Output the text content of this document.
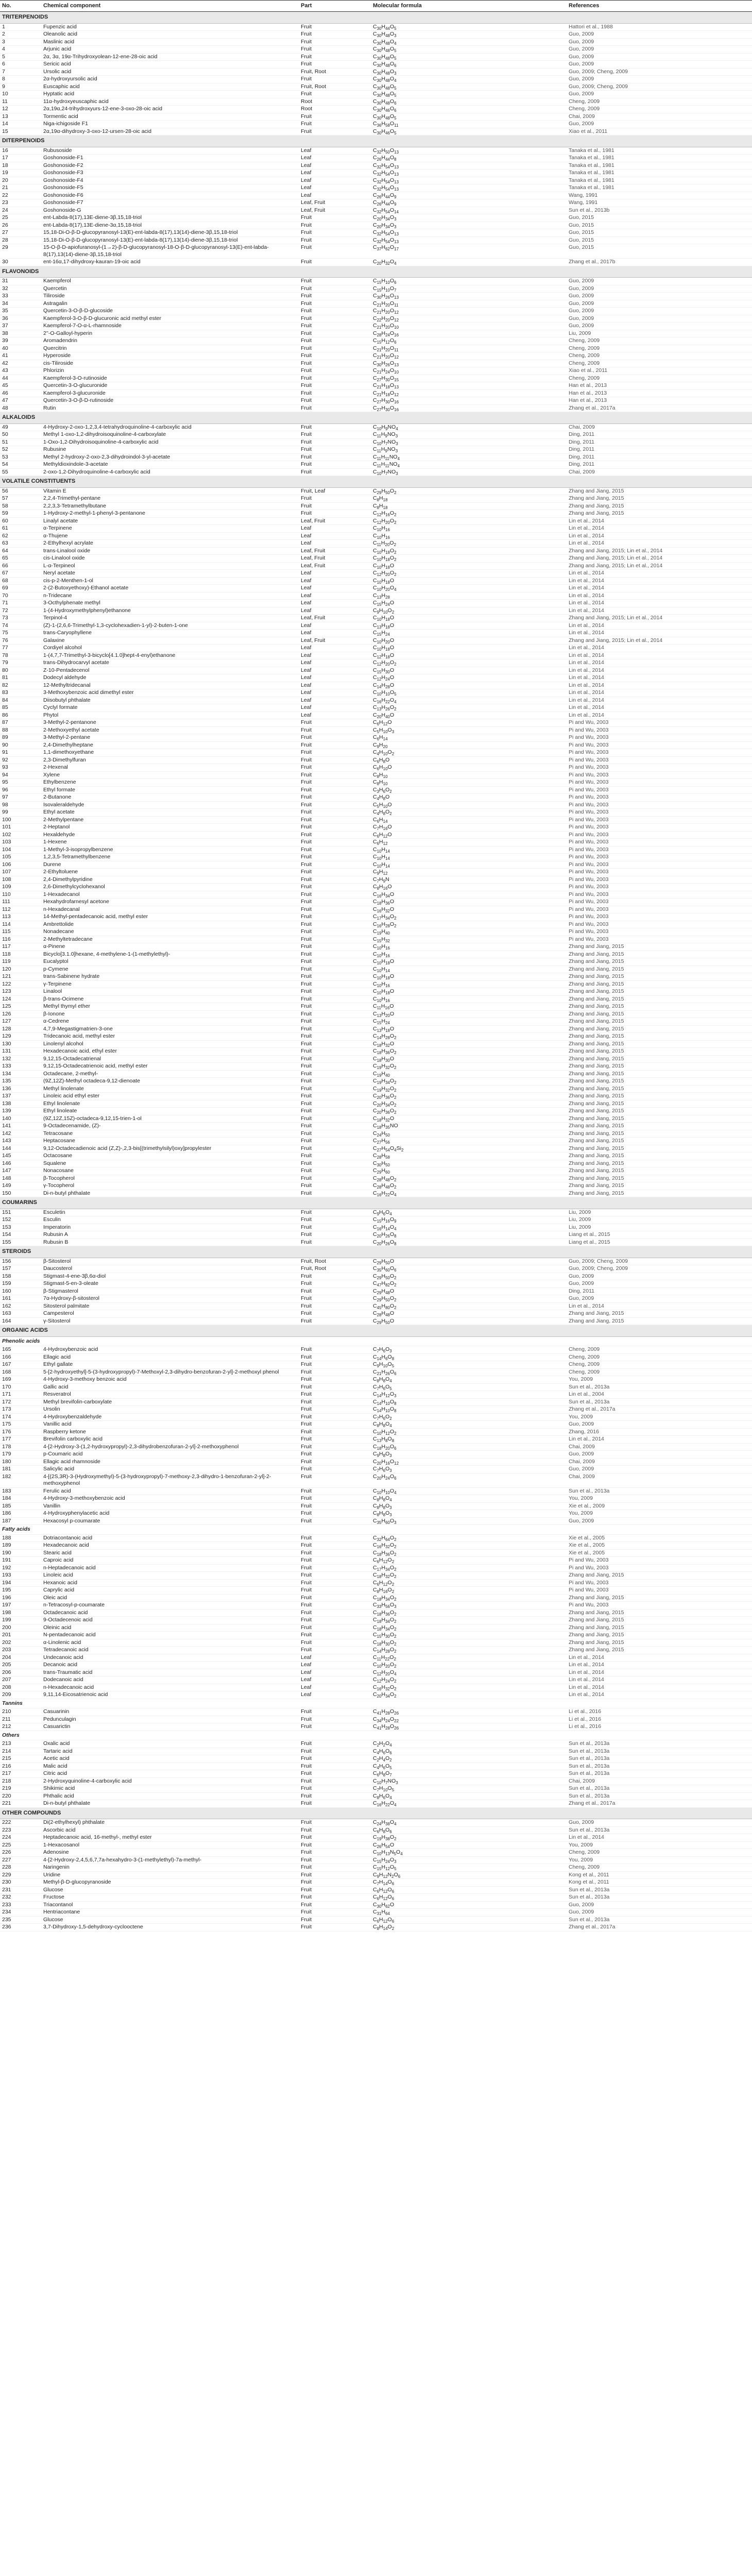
No.	Chemical component	Part	Molecular formula	References
TRITERPENOIDS				
1	Fupenzic acid	Fruit	$C_{30}H_{44}O_5$	Hattori et al., 1988
2	Oleanolic acid	Fruit	$C_{30}H_{48}O_3$	Guo, 2009
3	Maslinic acid	Fruit	$C_{30}H_{48}O_4$	Guo, 2009
4	Arjunic acid	Fruit	$C_{30}H_{48}O_5$	Guo, 2009
5	2α, 3α, 19α-Trihydroxyolean-12-ene-28-oic acid	Fruit	$C_{30}H_{48}O_5$	Guo, 2009
6	Sericic acid	Fruit	$C_{30}H_{48}O_6$	Guo, 2009
7	Ursolic acid	Fruit, Root	$C_{30}H_{48}O_3$	Guo, 2009; Cheng, 2009
8	2α-hydroxyursolic acid	Fruit	$C_{30}H_{48}O_4$	Guo, 2009
9	Euscaphic acid	Fruit, Root	$C_{30}H_{48}O_5$	Guo, 2009; Cheng, 2009
10	Hyptatic acid	Fruit	$C_{30}H_{48}O_5$	Guo, 2009
11	11α-hydroxyeuscaphic acid	Root	$C_{30}H_{48}O_6$	Cheng, 2009
12	2α,19α,24-trihydroxyurs-12-ene-3-oxo-28-oic acid	Root	$C_{30}H_{46}O_6$	Cheng, 2009
13	Tormentic acid	Fruit	$C_{30}H_{48}O_5$	Chai, 2009
14	Niga-ichigoside F1	Fruit	$C_{36}H_{58}O_{11}$	Guo, 2009
15	2α,19α-dihydroxy-3-oxo-12-ursen-28-oic acid	Fruit	$C_{30}H_{46}O_5$	Xiao et al., 2011
DITERPENOIDS				
16	Rubusoside	Leaf	$C_{32}H_{50}O_{13}$	Tanaka et al., 1981
17	Goshonoside-F1	Leaf	$C_{26}H_{44}O_8$	Tanaka et al., 1981
18	Goshonoside-F2	Leaf	$C_{32}H_{54}O_{13}$	Tanaka et al., 1981
19	Goshonoside-F3	Leaf	$C_{32}H_{54}O_{13}$	Tanaka et al., 1981
20	Goshonoside-F4	Leaf	$C_{32}H_{54}O_{13}$	Tanaka et al., 1981
21	Goshonoside-F5	Leaf	$C_{32}H_{54}O_{13}$	Tanaka et al., 1981
22	Goshonoside-F6	Leaf	$C_{26}H_{44}O_9$	Wang, 1991
23	Goshonoside-F7	Leaf, Fruit	$C_{26}H_{44}O_9$	Wang, 1991
24	Goshonoside-G	Leaf, Fruit	$C_{32}H_{54}O_{14}$	Sun et al., 2013b
25	ent-Labda-8(17),13E-diene-3β,15,18-triol	Fruit	$C_{20}H_{34}O_3$	Guo, 2015
26	ent-Labda-8(17),13E-diene-3α,15,18-triol	Fruit	$C_{20}H_{34}O_3$	Guo, 2015
27	15,18-Di-O-β-D-glucopyranosyl-13(E)-ent-labda-8(17),13(14)-diene-3β,15,18-triol	Fruit	$C_{32}H_{54}O_{13}$	Guo, 2015
28	15,18-Di-O-β-D-glucopyranosyl-13(E)-ent-labda-8(17),13(14)-diene-3β,15,18-triol	Fruit	$C_{32}H_{54}O_{13}$	Guo, 2015
29	15-O-β-D-apiofuranosyl-(1→2)-β-D-glucopyranosyl-18-O-β-D-glucopyranosyl-13(E)-ent-labda-8(17),13(14)-diene-3β,15,18-triol	Fruit	$C_{37}H_{62}O_{17}$	Guo, 2015
30	ent-16α,17-dihydroxy-kauran-19-oic acid	Fruit	$C_{20}H_{32}O_4$	Zhang et al., 2017b
FLAVONOIDS				
31	Kaempferol	Fruit	$C_{15}H_{10}O_6$	Guo, 2009
32	Quercetin	Fruit	$C_{15}H_{10}O_7$	Guo, 2009
33	Tiliroside	Fruit	$C_{30}H_{26}O_{13}$	Guo, 2009
34	Astragalin	Fruit	$C_{21}H_{20}O_{11}$	Guo, 2009
35	Quercetin-3-O-β-D-glucoside	Fruit	$C_{21}H_{20}O_{12}$	Guo, 2009
36	Kaempferol-3-O-β-D-glucuronic acid methyl ester	Fruit	$C_{22}H_{20}O_{12}$	Guo, 2009
37	Kaempferol-7-O-α-L-rhamnoside	Fruit	$C_{21}H_{20}O_{10}$	Guo, 2009
38	2''-O-Galloyl-hyperin	Fruit	$C_{28}H_{24}O_{16}$	Liu, 2009
39	Aromadendrin	Fruit	$C_{15}H_{12}O_6$	Cheng, 2009
40	Quercitrin	Fruit	$C_{21}H_{20}O_{11}$	Cheng, 2009
41	Hyperoside	Fruit	$C_{21}H_{20}O_{12}$	Cheng, 2009
42	cis-Tiliroside	Fruit	$C_{30}H_{26}O_{13}$	Cheng, 2009
43	Phlorizin	Fruit	$C_{21}H_{24}O_{10}$	Xiao et al., 2011
44	Kaempferol-3-O-rutinoside	Fruit	$C_{27}H_{30}O_{15}$	Cheng, 2009
45	Quercetin-3-O-glucuronide	Fruit	$C_{21}H_{18}O_{13}$	Han et al., 2013
46	Kaempferol-3-glucuronide	Fruit	$C_{21}H_{18}O_{12}$	Han et al., 2013
47	Quercetin-3-O-β-D-rutinoside	Fruit	$C_{27}H_{30}O_{16}$	Han et al., 2013
48	Rutin	Fruit	$C_{27}H_{30}O_{16}$	Zhang et al., 2017a
ALKALOIDS				
49	4-Hydroxy-2-oxo-1,2,3,4-tetrahydroquinoline-4-carboxylic acid	Fruit	$C_{10}H_9NO_4$	Chai, 2009
50	Methyl 1-oxo-1,2-dihydroisoquinoline-4-carboxylate	Fruit	$C_{11}H_9NO_3$	Ding, 2011
51	1-Oxo-1,2-Dihydroisoquinoline-4-carboxylic acid	Fruit	$C_{10}H_7NO_3$	Ding, 2011
52	Rubusine	Fruit	$C_{11}H_9NO_3$	Ding, 2011
53	Methyl 2-hydroxy-2-oxo-2,3-dihydroindol-3-yl-acetate	Fruit	$C_{11}H_{11}NO_4$	Ding, 2011
54	Methyldioxindole-3-acetate	Fruit	$C_{11}H_{11}NO_4$	Ding, 2011
55	2-oxo-1,2-Dihydroquinoline-4-carboxylic acid	Fruit	$C_{10}H_7NO_3$	Chai, 2009
VOLATILE CONSTITUENTS				
56	Vitamin E	Fruit, Leaf	$C_{29}H_{50}O_2$	Zhang and Jiang, 2015
57	2,2,4-Trimethyl-pentane	Fruit	$C_8H_{18}$	Zhang and Jiang, 2015
58	2,2,3,3-Tetramethylbutane	Fruit	$C_8H_{18}$	Zhang and Jiang, 2015
59	1-Hydroxy-2-methyl-1-phenyl-3-pentanone	Fruit	$C_{12}H_{16}O_2$	Zhang and Jiang, 2015
60	Linalyl acetate	Leaf, Fruit	$C_{12}H_{20}O_2$	Lin et al., 2014
61	α-Terpinene	Leaf	$C_{10}H_{16}$	Lin et al., 2014
62	α-Thujene	Leaf	$C_{10}H_{16}$	Lin et al., 2014
63	2-Ethylhexyl acrylate	Leaf	$C_{11}H_{20}O_2$	Lin et al., 2014
64	trans-Linalool oxide	Leaf, Fruit	$C_{10}H_{18}O_2$	Zhang and Jiang, 2015; Lin et al., 2014
65	cis-Linalool oxide	Leaf, Fruit	$C_{10}H_{18}O_2$	Zhang and Jiang, 2015; Lin et al., 2014
66	L-α-Terpineol	Leaf, Fruit	$C_{10}H_{18}O$	Zhang and Jiang, 2015; Lin et al., 2014
67	Neryl acetate	Leaf	$C_{12}H_{20}O_2$	Lin et al., 2014
68	cis-p-2-Menthen-1-ol	Leaf	$C_{10}H_{18}O$	Lin et al., 2014
69	2-(2-Butoxyethoxy)-Ethanol acetate	Leaf	$C_{10}H_{20}O_4$	Lin et al., 2014
70	n-Tridecane	Leaf	$C_{13}H_{28}$	Lin et al., 2014
71	3-Octhylphenate methyl	Leaf	$C_{15}H_{24}O$	Lin et al., 2014
72	1-(4-Hydroxymethylphenyl)ethanone	Leaf	$C_9H_{10}O_2$	Lin et al., 2014
73	Terpinol-4	Leaf, Fruit	$C_{10}H_{18}O$	Zhang and Jiang, 2015; Lin et al., 2014
74	(Z)-1-(2,6,6-Trimethyl-1,3-cyclohexadien-1-yl)-2-buten-1-one	Leaf	$C_{13}H_{18}O$	Lin et al., 2014
75	trans-Caryophyllene	Leaf	$C_{15}H_{24}$	Lin et al., 2014
76	Galaxine	Leaf, Fruit	$C_{10}H_{20}O$	Zhang and Jiang, 2015; Lin et al., 2014
77	Cordiyel alcohol	Leaf	$C_{10}H_{18}O$	Lin et al., 2014
78	1-(4,7,7-Trimethyl-3-bicyclo[4.1.0]hept-4-enyl)ethanone	Leaf	$C_{12}H_{18}O$	Lin et al., 2014
79	trans-Dihydrocarvyl acetate	Leaf	$C_{12}H_{20}O_2$	Lin et al., 2014
80	Z-10-Pentadecenol	Leaf	$C_{15}H_{30}O$	Lin et al., 2014
81	Dodecyl aldehyde	Leaf	$C_{12}H_{24}O$	Lin et al., 2014
82	12-Methyltridecanal	Leaf	$C_{14}H_{28}O$	Lin et al., 2014
83	3-Methoxybenzoic acid dimethyl ester	Leaf	$C_{10}H_{10}O_5$	Lin et al., 2014
84	Diisobutyl phthalate	Leaf	$C_{16}H_{22}O_4$	Lin et al., 2014
85	Cyclyl formate	Leaf	$C_{13}H_{26}O_2$	Lin et al., 2014
86	Phytol	Leaf	$C_{20}H_{40}O$	Lin et al., 2014
87	3-Methyl-2-pentanone	Fruit	$C_6H_{12}O$	Pi and Wu, 2003
88	2-Methoxyethyl acetate	Fruit	$C_5H_{10}O_3$	Pi and Wu, 2003
89	3-Methyl-2-pentane	Fruit	$C_6H_{14}$	Pi and Wu, 2003
90	2,4-Dimethylheptane	Fruit	$C_9H_{20}$	Pi and Wu, 2003
91	1,1-dimethoxyethane	Fruit	$C_4H_{10}O_2$	Pi and Wu, 2003
92	2,3-Dimethylfuran	Fruit	$C_6H_8O$	Pi and Wu, 2003
93	2-Hexenal	Fruit	$C_6H_{10}O$	Pi and Wu, 2003
94	Xylene	Fruit	$C_8H_{10}$	Pi and Wu, 2003
95	Ethylbenzene	Fruit	$C_8H_{10}$	Pi and Wu, 2003
96	Ethyl formate	Fruit	$C_3H_6O_2$	Pi and Wu, 2003
97	2-Butanone	Fruit	$C_4H_8O$	Pi and Wu, 2003
98	Isovaleraldehyde	Fruit	$C_5H_{10}O$	Pi and Wu, 2003
99	Ethyl acetate	Fruit	$C_4H_8O_2$	Pi and Wu, 2003
100	2-Methylpentane	Fruit	$C_6H_{14}$	Pi and Wu, 2003
101	2-Heptanol	Fruit	$C_7H_{16}O$	Pi and Wu, 2003
102	Hexaldehyde	Fruit	$C_6H_{12}O$	Pi and Wu, 2003
103	1-Hexene	Fruit	$C_6H_{12}$	Pi and Wu, 2003
104	1-Methyl-3-isopropylbenzene	Fruit	$C_{10}H_{14}$	Pi and Wu, 2003
105	1,2,3,5-Tetramethylbenzene	Fruit	$C_{10}H_{14}$	Pi and Wu, 2003
106	Durene	Fruit	$C_{10}H_{14}$	Pi and Wu, 2003
107	2-Ethyltoluene	Fruit	$C_9H_{12}$	Pi and Wu, 2003
108	2,4-Dimethylpyridine	Fruit	$C_7H_9N$	Pi and Wu, 2003
109	2,6-Dimethylcyclohexanol	Fruit	$C_8H_{16}O$	Pi and Wu, 2003
110	1-Hexadecanol	Fruit	$C_{16}H_{34}O$	Pi and Wu, 2003
111	Hexahydrofarnesyl acetone	Fruit	$C_{18}H_{36}O$	Pi and Wu, 2003
112	n-Hexadecanal	Fruit	$C_{16}H_{32}O$	Pi and Wu, 2003
113	14-Methyl-pentadecanoic acid, methyl ester	Fruit	$C_{17}H_{34}O_2$	Pi and Wu, 2003
114	Ambrettolide	Fruit	$C_{16}H_{28}O_2$	Pi and Wu, 2003
115	Nonadecane	Fruit	$C_{19}H_{40}$	Pi and Wu, 2003
116	2-Methyltetradecane	Fruit	$C_{15}H_{32}$	Pi and Wu, 2003
117	α-Pinene	Fruit	$C_{10}H_{16}$	Zhang and Jiang, 2015
118	Bicyclo[3.1.0]hexane, 4-methylene-1-(1-methylethyl)-	Fruit	$C_{10}H_{16}$	Zhang and Jiang, 2015
119	Eucalyptol	Fruit	$C_{10}H_{18}O$	Zhang and Jiang, 2015
120	p-Cymene	Fruit	$C_{10}H_{14}$	Zhang and Jiang, 2015
121	trans-Sabinene hydrate	Fruit	$C_{10}H_{18}O$	Zhang and Jiang, 2015
122	γ-Terpinene	Fruit	$C_{10}H_{16}$	Zhang and Jiang, 2015
123	Linalool	Fruit	$C_{10}H_{18}O$	Zhang and Jiang, 2015
124	β-trans-Ocimene	Fruit	$C_{10}H_{16}$	Zhang and Jiang, 2015
125	Methyl thymyl ether	Fruit	$C_{11}H_{16}O$	Zhang and Jiang, 2015
126	β-Ionone	Fruit	$C_{13}H_{20}O$	Zhang and Jiang, 2015
127	α-Cedrene	Fruit	$C_{15}H_{24}$	Zhang and Jiang, 2015
128	4,7,9-Megastigmatrien-3-one	Fruit	$C_{13}H_{18}O$	Zhang and Jiang, 2015
129	Tridecanoic acid, methyl ester	Fruit	$C_{14}H_{28}O_2$	Zhang and Jiang, 2015
130	Linolenyl alcohol	Fruit	$C_{18}H_{32}O$	Zhang and Jiang, 2015
131	Hexadecanoic acid, ethyl ester	Fruit	$C_{18}H_{36}O_2$	Zhang and Jiang, 2015
132	9,12,15-Octadecatrienal	Fruit	$C_{18}H_{30}O$	Zhang and Jiang, 2015
133	9,12,15-Octadecatrienoic acid, methyl ester	Fruit	$C_{19}H_{32}O_2$	Zhang and Jiang, 2015
134	Octadecane, 2-methyl-	Fruit	$C_{19}H_{40}$	Zhang and Jiang, 2015
135	(9Z,12Z)-Methyl octadeca-9,12-dienoate	Fruit	$C_{19}H_{34}O_2$	Zhang and Jiang, 2015
136	Methyl linolenate	Fruit	$C_{19}H_{32}O_2$	Zhang and Jiang, 2015
137	Linoleic acid ethyl ester	Fruit	$C_{20}H_{36}O_2$	Zhang and Jiang, 2015
138	Ethyl linolenate	Fruit	$C_{20}H_{34}O_2$	Zhang and Jiang, 2015
139	Ethyl linoleate	Fruit	$C_{20}H_{36}O_2$	Zhang and Jiang, 2015
140	(9Z,12Z,15Z)-octadeca-9,12,15-trien-1-ol	Fruit	$C_{18}H_{32}O$	Zhang and Jiang, 2015
141	9-Octadecenamide, (Z)-	Fruit	$C_{18}H_{35}NO$	Zhang and Jiang, 2015
142	Tetracosane	Fruit	$C_{24}H_{50}$	Zhang and Jiang, 2015
143	Heptacosane	Fruit	$C_{27}H_{56}$	Zhang and Jiang, 2015
144	9,12-Octadecadienoic acid (Z,Z)-,2,3-bis[(trimethylsilyl)oxy]propylester	Fruit	$C_{27}H_{54}O_4Si_2$	Zhang and Jiang, 2015
145	Octacosane	Fruit	$C_{28}H_{58}$	Zhang and Jiang, 2015
146	Squalene	Fruit	$C_{30}H_{50}$	Zhang and Jiang, 2015
147	Nonacosane	Fruit	$C_{29}H_{60}$	Zhang and Jiang, 2015
148	β-Tocopherol	Fruit	$C_{28}H_{48}O_2$	Zhang and Jiang, 2015
149	γ-Tocopherol	Fruit	$C_{28}H_{48}O_2$	Zhang and Jiang, 2015
150	Di-n-butyl phthalate	Fruit	$C_{16}H_{22}O_4$	Zhang and Jiang, 2015
COUMARINS				
151	Esculetin	Fruit	$C_9H_6O_4$	Liu, 2009
152	Esculin	Fruit	$C_{15}H_{16}O_9$	Liu, 2009
153	Imperatorin	Fruit	$C_{16}H_{14}O_4$	Liu, 2009
154	Rubusin A	Fruit	$C_{20}H_{26}O_8$	Liang et al., 2015
155	Rubusin B	Fruit	$C_{20}H_{26}O_8$	Liang et al., 2015
STEROIDS				
156	β-Sitosterol	Fruit, Root	$C_{29}H_{50}O$	Guo, 2009; Cheng, 2009
157	Daucosterol	Fruit, Root	$C_{35}H_{60}O_6$	Guo, 2009; Cheng, 2009
158	Stigmast-4-ene-3β,6α-diol	Fruit	$C_{29}H_{50}O_2$	Guo, 2009
159	Stigmast-5-en-3-oleate	Fruit	$C_{47}H_{82}O_2$	Guo, 2009
160	β-Stigmasterol	Fruit	$C_{29}H_{48}O$	Ding, 2011
161	7α-Hydroxy-β-sitosterol	Fruit	$C_{29}H_{50}O_2$	Guo, 2009
162	Sitosterol palmitate	Fruit	$C_{45}H_{80}O_2$	Lin et al., 2014
163	Campesterol	Fruit	$C_{28}H_{48}O$	Zhang and Jiang, 2015
164	γ-Sitosterol	Fruit	$C_{29}H_{50}O$	Zhang and Jiang, 2015
ORGANIC ACIDS				
Phenolic acids				
165	4-Hydroxybenzoic acid	Fruit	$C_7H_6O_3$	Cheng, 2009
166	Ellagic acid	Fruit	$C_{14}H_6O_8$	Cheng, 2009
167	Ethyl gallate	Fruit	$C_9H_{10}O_5$	Cheng, 2009
168	5-[2-hydroxyethyl]-5-(3-hydroxypropyl)-7-Methoxyl-2,3-dihydro-benzofuran-2-yl]-2-methoxyl phenol	Fruit	$C_{21}H_{26}O_6$	Cheng, 2009
169	4-Hydroxy-3-methoxy benzoic acid	Fruit	$C_8H_8O_4$	You, 2009
170	Gallic acid	Fruit	$C_7H_6O_5$	Sun et al., 2013a
171	Resveratrol	Fruit	$C_{14}H_{12}O_3$	Lin et al., 2004
172	Methyl brevifolin-carboxylate	Fruit	$C_{14}H_{10}O_8$	Sun et al., 2013a
173	Ursolin	Fruit	$C_{14}H_{10}O_8$	Zhang et al., 2017a
174	4-Hydroxybenzaldehyde	Fruit	$C_7H_6O_2$	You, 2009
175	Vanillic acid	Fruit	$C_8H_8O_4$	Guo, 2009
176	Raspberry ketone	Fruit	$C_{10}H_{12}O_2$	Zhang, 2016
177	Brevifolin carboxylic acid	Fruit	$C_{13}H_8O_8$	Lin et al., 2014
178	4-[2-Hydroxy-3-(1,2-hydroxypropyl)-2,3-dihydrobenzofuran-2-yl]-2-methoxyphenol	Fruit	$C_{18}H_{20}O_6$	Chai, 2009
179	p-Coumaric acid	Fruit	$C_9H_8O_3$	Guo, 2009
180	Ellagic acid rhamnoside	Fruit	$C_{20}H_{16}O_{12}$	Chai, 2009
181	Salicylic acid	Fruit	$C_7H_6O_3$	Guo, 2009
182	4-[(2S,3R)-3-(Hydroxymethyl)-5-(3-hydroxypropyl)-7-methoxy-2,3-dihydro-1-benzofuran-2-yl]-2-methoxyphenol	Fruit	$C_{20}H_{24}O_6$	Chai, 2009
183	Ferulic acid	Fruit	$C_{10}H_{10}O_4$	Sun et al., 2013a
184	4-Hydroxy-3-methoxybenzoic acid	Fruit	$C_8H_8O_4$	You, 2009
185	Vanillin	Fruit	$C_8H_8O_3$	Xie et al., 2009
186	4-Hydroxyphenylacetic acid	Fruit	$C_8H_8O_3$	You, 2009
187	Hexacosyl p-coumarate	Fruit	$C_{35}H_{60}O_3$	Guo, 2009
Fatty acids				
188	Dotriacontanoic acid	Fruit	$C_{32}H_{64}O_2$	Xie et al., 2005
189	Hexadecanoic acid	Fruit	$C_{16}H_{32}O_2$	Xie et al., 2005
190	Stearic acid	Fruit	$C_{18}H_{36}O_2$	Xie et al., 2005
191	Caproic acid	Fruit	$C_6H_{12}O_2$	Pi and Wu, 2003
192	n-Heptadecanoic acid	Fruit	$C_{17}H_{34}O_2$	Pi and Wu, 2003
193	Linoleic acid	Fruit	$C_{18}H_{32}O_2$	Zhang and Jiang, 2015
194	Hexanoic acid	Fruit	$C_6H_{12}O_2$	Pi and Wu, 2003
195	Caprylic acid	Fruit	$C_8H_{16}O_2$	Pi and Wu, 2003
196	Oleic acid	Fruit	$C_{18}H_{34}O_2$	Zhang and Jiang, 2015
197	n-Tetracosyl-p-coumarate	Fruit	$C_{33}H_{56}O_3$	Pi and Wu, 2003
198	Octadecanoic acid	Fruit	$C_{18}H_{36}O_2$	Zhang and Jiang, 2015
199	9-Octadecenoic acid	Fruit	$C_{18}H_{34}O_2$	Zhang and Jiang, 2015
200	Oleinic acid	Fruit	$C_{18}H_{34}O_2$	Zhang and Jiang, 2015
201	N-pentadecanoic acid	Fruit	$C_{15}H_{30}O_2$	Zhang and Jiang, 2015
202	α-Linolenic acid	Fruit	$C_{18}H_{30}O_2$	Zhang and Jiang, 2015
203	Tetradecanoic acid	Fruit	$C_{14}H_{28}O_2$	Zhang and Jiang, 2015
204	Undecanoic acid	Leaf	$C_{11}H_{22}O_2$	Lin et al., 2014
205	Decanoic acid	Leaf	$C_{10}H_{20}O_2$	Lin et al., 2014
206	trans-Traumatic acid	Leaf	$C_{12}H_{20}O_4$	Lin et al., 2014
207	Dodecanoic acid	Leaf	$C_{12}H_{24}O_2$	Lin et al., 2014
208	n-Hexadecanoic acid	Leaf	$C_{16}H_{32}O_2$	Lin et al., 2014
209	9,11,14-Eicosatrienoic acid	Leaf	$C_{20}H_{34}O_2$	Lin et al., 2014
Tannins				
210	Casuarinin	Fruit	$C_{41}H_{28}O_{26}$	Li et al., 2016
211	Pedunculagin	Fruit	$C_{34}H_{24}O_{22}$	Li et al., 2016
212	Casuarictin	Fruit	$C_{41}H_{28}O_{26}$	Li et al., 2016
Others				
213	Oxalic acid	Fruit	$C_2H_2O_4$	Sun et al., 2013a
214	Tartaric acid	Fruit	$C_4H_6O_6$	Sun et al., 2013a
215	Acetic acid	Fruit	$C_2H_4O_2$	Sun et al., 2013a
216	Malic acid	Fruit	$C_4H_6O_5$	Sun et al., 2013a
217	Citric acid	Fruit	$C_6H_8O_7$	Sun et al., 2013a
218	2-Hydroxyquinoline-4-carboxylic acid	Fruit	$C_{10}H_7NO_3$	Chai, 2009
219	Shikimic acid	Fruit	$C_7H_{10}O_5$	Sun et al., 2013a
220	Phthalic acid	Fruit	$C_8H_6O_4$	Sun et al., 2013a
221	Di-n-butyl phthalate	Fruit	$C_{16}H_{22}O_4$	Zhang et al., 2017a
OTHER COMPOUNDS				
222	Di(2-ethylhexyl) phthalate	Fruit	$C_{24}H_{38}O_4$	Guo, 2009
223	Ascorbic acid	Fruit	$C_6H_8O_6$	Sun et al., 2013a
224	Heptadecanoic acid, 16-methyl-, methyl ester	Fruit	$C_{19}H_{38}O_2$	Lin et al., 2014
225	1-Hexacosanol	Fruit	$C_{26}H_{54}O$	You, 2009
226	Adenosine	Fruit	$C_{10}H_{13}N_5O_4$	Cheng, 2009
227	4-[2-Hydroxy-2,4,5,6,7,7a-hexahydro-3-(1-methylethyl)-7a-methyl-	Fruit	$C_{15}H_{24}O_3$	You, 2009
228	Naringenin	Fruit	$C_{15}H_{12}O_5$	Cheng, 2009
229	Uridine	Fruit	$C_9H_{12}N_2O_6$	Kong et al., 2011
230	Methyl-β-D-glucopyranoside	Fruit	$C_7H_{14}O_6$	Kong et al., 2011
231	Glucose	Fruit	$C_6H_{12}O_6$	Sun et al., 2013a
232	Fructose	Fruit	$C_6H_{12}O_6$	Sun et al., 2013a
233	Triacontanol	Fruit	$C_{30}H_{62}O$	Guo, 2009
234	Hentriacontane	Fruit	$C_{31}H_{64}$	Guo, 2009
235	Glucose	Fruit	$C_6H_{12}O_6$	Sun et al., 2013a
236	3,7-Dihydroxy-1,5-dehydroxy-cyclooctene	Fruit	$C_8H_{14}O_2$	Zhang et al., 2017a
